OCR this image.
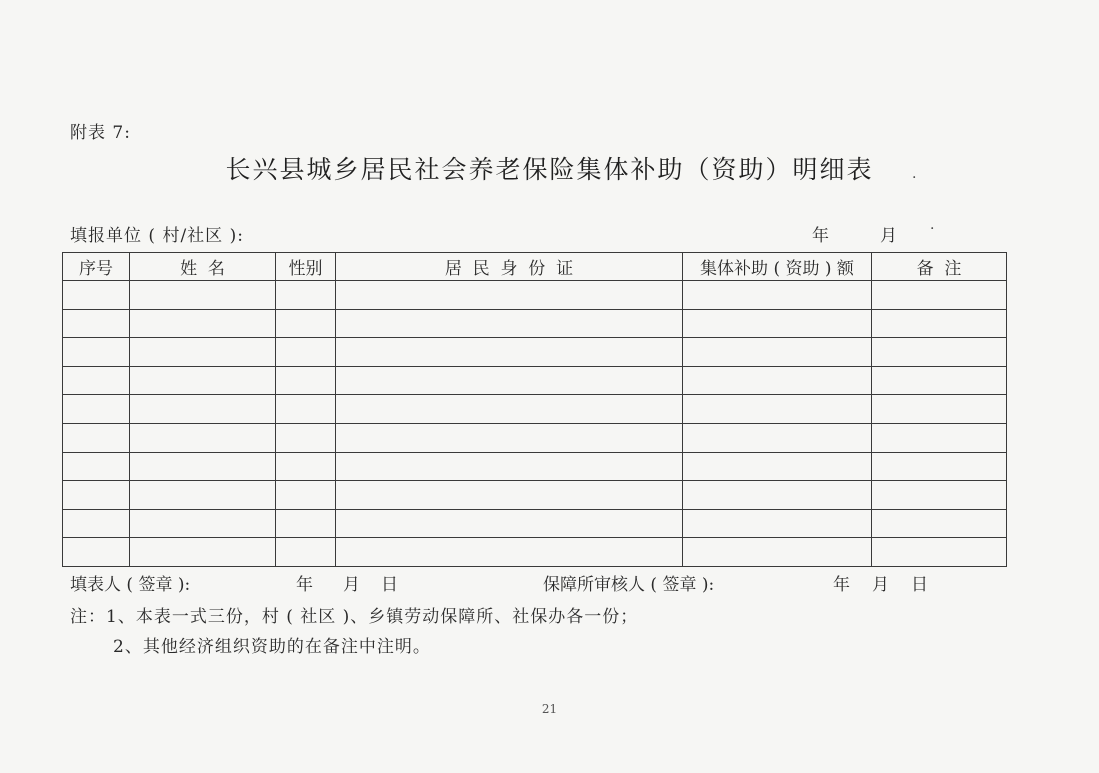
附表 7:
长兴县城乡居民社会养老保险集体补助（资助）明细表	.
填报单位 ( 村/社区 ):	年	月 ·
序号	姓  名	性别	居  民  身  份  证	集体补助 ( 资助 ) 额	备  注

填表人 ( 签章 ):	年 月 日	保障所审核人 ( 签章 ):	年 月 日
注：1、本表一式三份，村 ( 社区 )、乡镇劳动保障所、社保办各一份；
2、其他经济组织资助的在备注中注明。
21
